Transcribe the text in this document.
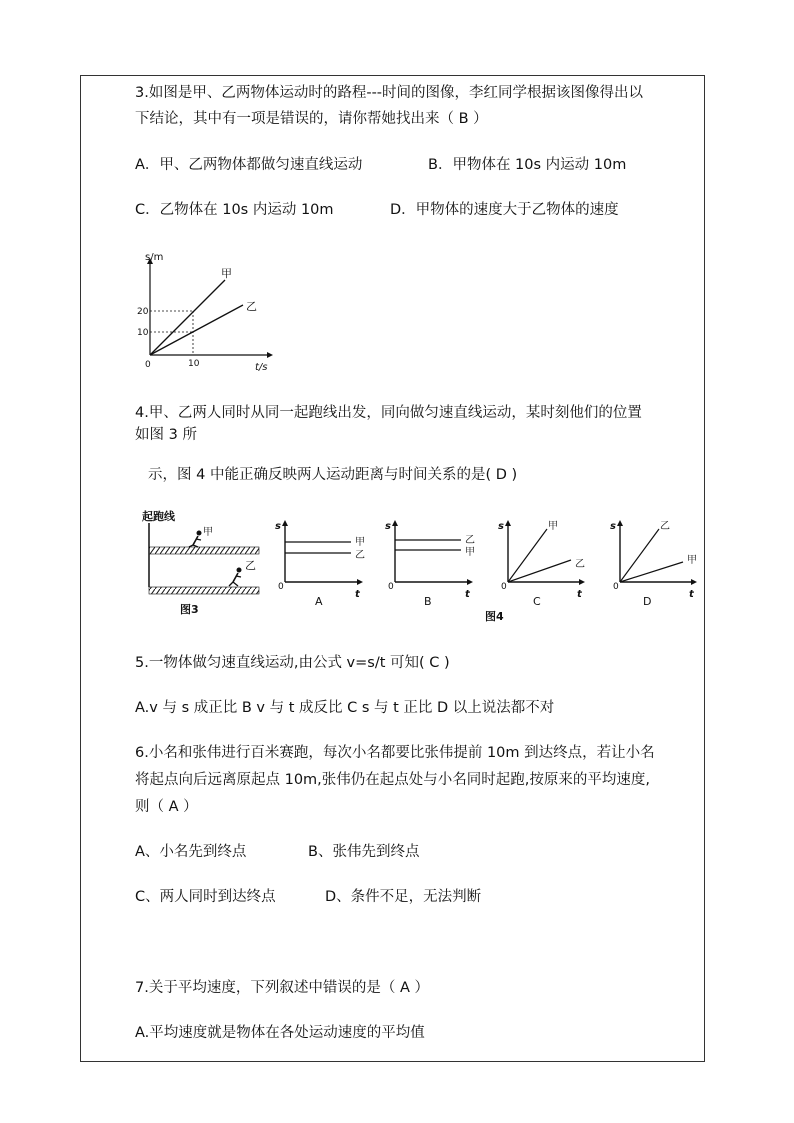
3.如图是甲、乙两物体运动时的路程---时间的图像，李红同学根据该图像得出以
下结论，其中有一项是错误的，请你帮她找出来（ B ）
A．甲、乙两物体都做匀速直线运动	B．甲物体在 10s 内运动 10m
C．乙物体在 10s 内运动 10m	D．甲物体的速度大于乙物体的速度
s/m
t/s
0
20
10
10
甲
乙
4.甲、乙两人同时从同一起跑线出发，同向做匀速直线运动，某时刻他们的位置
如图 3 所
示，图 4 中能正确反映两人运动距离与时间关系的是( D )
起跑线
甲
乙
图3
s
t
0
甲
乙
A
s
t
0
乙
甲
B
图4
s
t
0
甲
乙
C
s
t
0
乙
甲
D
5.一物体做匀速直线运动,由公式 v=s/t 可知( C )
A.v 与 s 成正比 B v 与 t 成反比 C s 与 t 正比 D 以上说法都不对
6.小名和张伟进行百米赛跑，每次小名都要比张伟提前 10m 到达终点，若让小名
将起点向后远离原起点 10m,张伟仍在起点处与小名同时起跑,按原来的平均速度,
则（ A ）
A、小名先到终点	B、张伟先到终点
C、两人同时到达终点	D、条件不足，无法判断
7.关于平均速度，下列叙述中错误的是（ A ）
A.平均速度就是物体在各处运动速度的平均值
